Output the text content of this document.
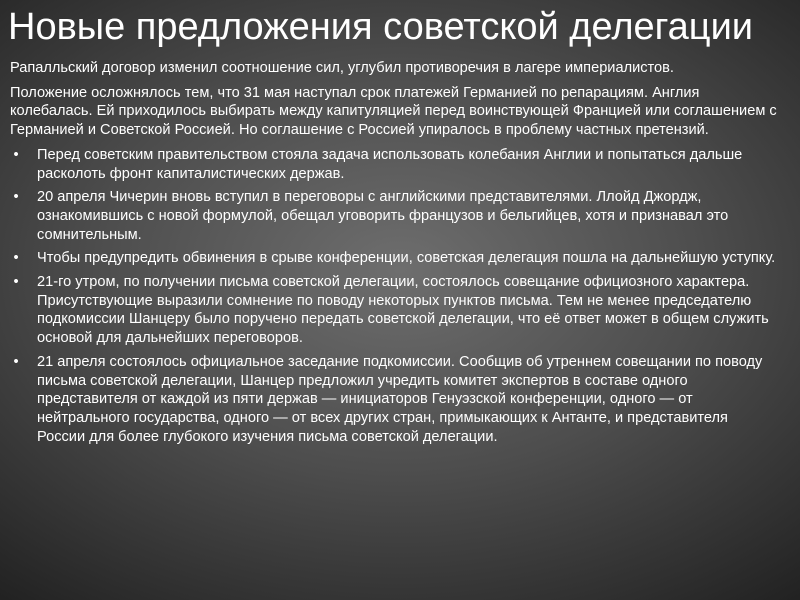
Новые предложения советской делегации

Рапалльский договор изменил соотношение сил, углубил противоречия в лагере империалистов.

Положение осложнялось тем, что 31 мая наступал срок платежей Германией по репарациям. Англия колебалась. Ей приходилось выбирать между капитуляцией перед воинствующей Францией или соглашением с Германией и Советской Россией. Но соглашение с Россией упиралось в проблему частных претензий.

• Перед советским правительством стояла задача использовать колебания Англии и попытаться дальше расколоть фронт капиталистических держав.
• 20 апреля Чичерин вновь вступил в переговоры с английскими представителями. Ллойд Джордж, ознакомившись с новой формулой, обещал уговорить французов и бельгийцев, хотя и признавал это сомнительным.
• Чтобы предупредить обвинения в срыве конференции, советская делегация пошла на дальнейшую уступку.
• 21-го утром, по получении письма советской делегации, состоялось совещание официозного характера. Присутствующие выразили сомнение по поводу некоторых пунктов письма. Тем не менее председателю подкомиссии Шанцеру было поручено передать советской делегации, что её ответ может в общем служить основой для дальнейших переговоров.
• 21 апреля состоялось официальное заседание подкомиссии. Сообщив об утреннем совещании по поводу письма советской делегации, Шанцер предложил учредить комитет экспертов в составе одного представителя от каждой из пяти держав — инициаторов Генуэзской конференции, одного — от нейтрального государства, одного — от всех других стран, примыкающих к Антанте, и представителя России для более глубокого изучения письма советской делегации.
